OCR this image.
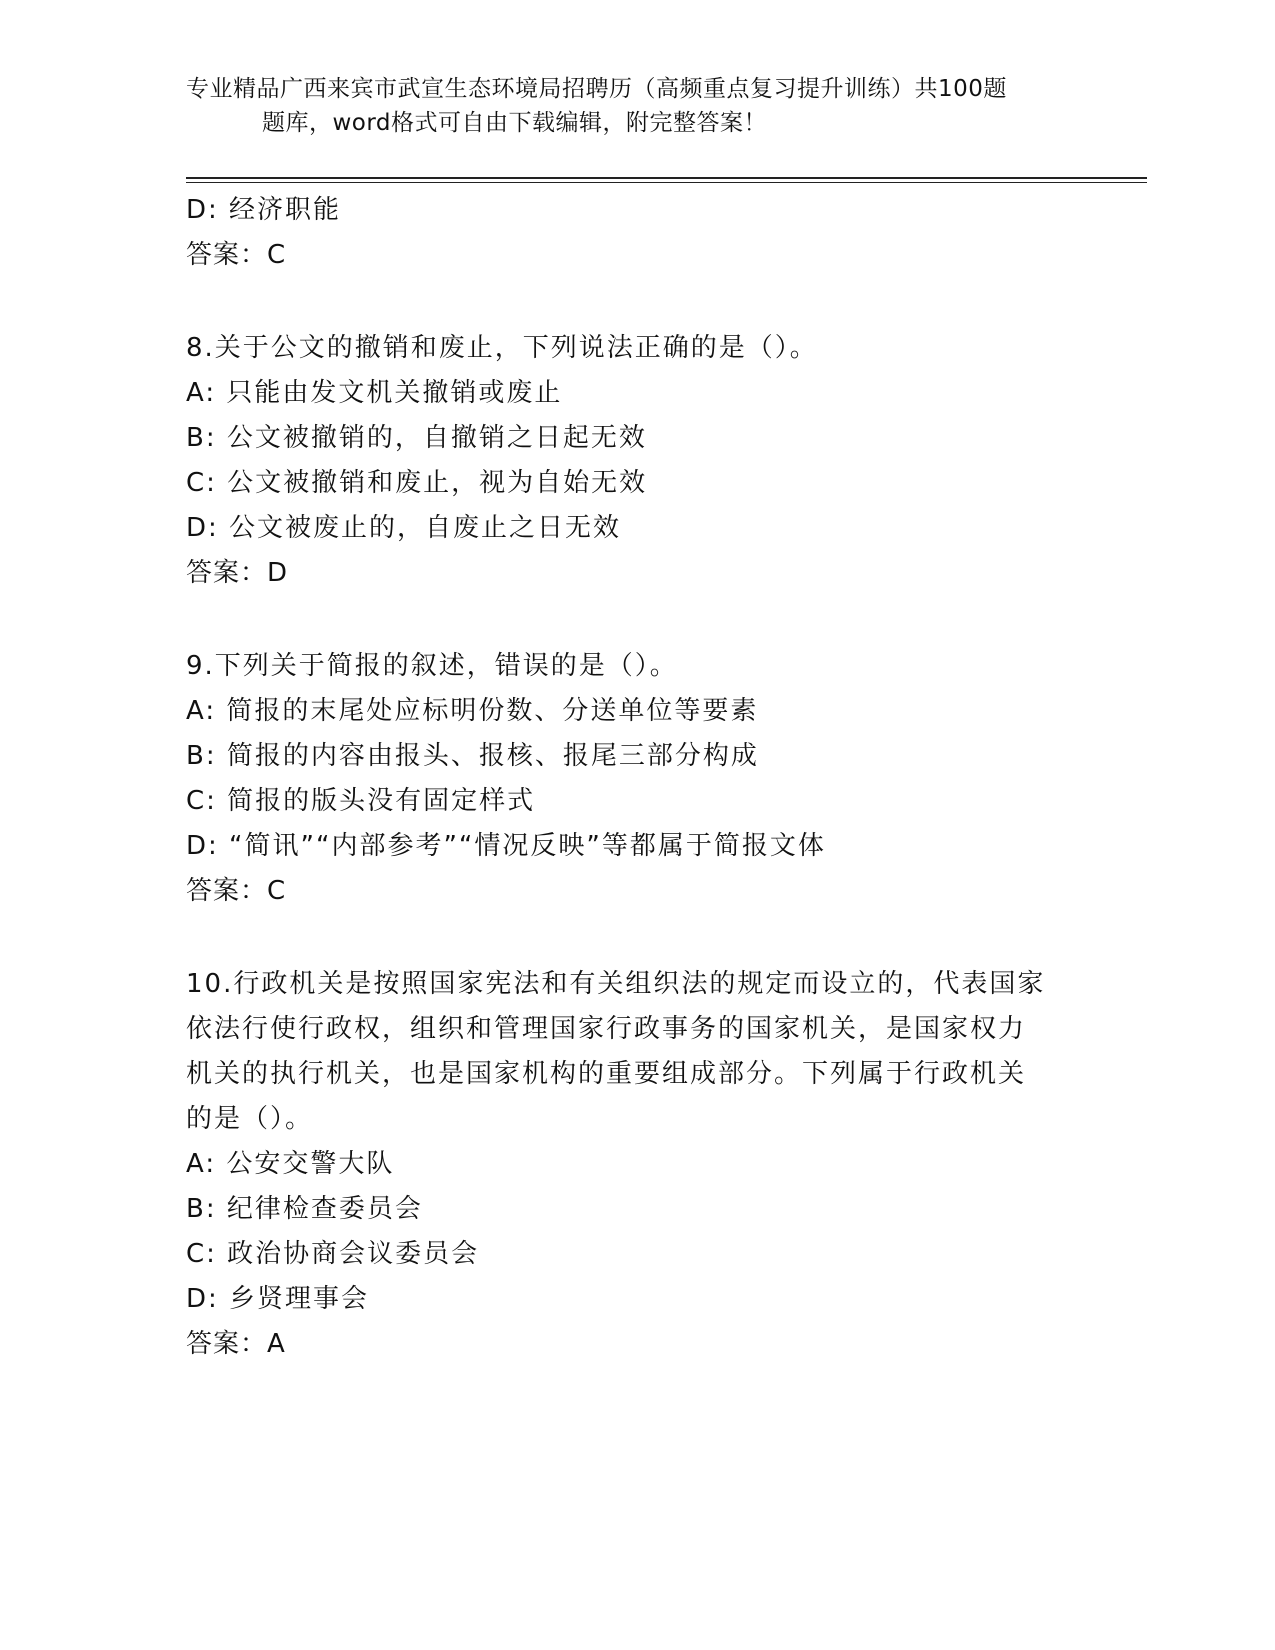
专业精品广西来宾市武宣生态环境局招聘历（高频重点复习提升训练）共100题
题库，word格式可自由下载编辑，附完整答案！
D: 经济职能
答案：C
8.关于公文的撤销和废止，下列说法正确的是（）。
A: 只能由发文机关撤销或废止
B: 公文被撤销的，自撤销之日起无效
C: 公文被撤销和废止，视为自始无效
D: 公文被废止的，自废止之日无效
答案：D
9.下列关于简报的叙述，错误的是（）。
A: 简报的末尾处应标明份数、分送单位等要素
B: 简报的内容由报头、报核、报尾三部分构成
C: 简报的版头没有固定样式
D: “简讯”“内部参考”“情况反映”等都属于简报文体
答案：C
10.行政机关是按照国家宪法和有关组织法的规定而设立的，代表国家
依法行使行政权，组织和管理国家行政事务的国家机关，是国家权力
机关的执行机关，也是国家机构的重要组成部分。下列属于行政机关
的是（）。
A: 公安交警大队
B: 纪律检查委员会
C: 政治协商会议委员会
D: 乡贤理事会
答案：A
